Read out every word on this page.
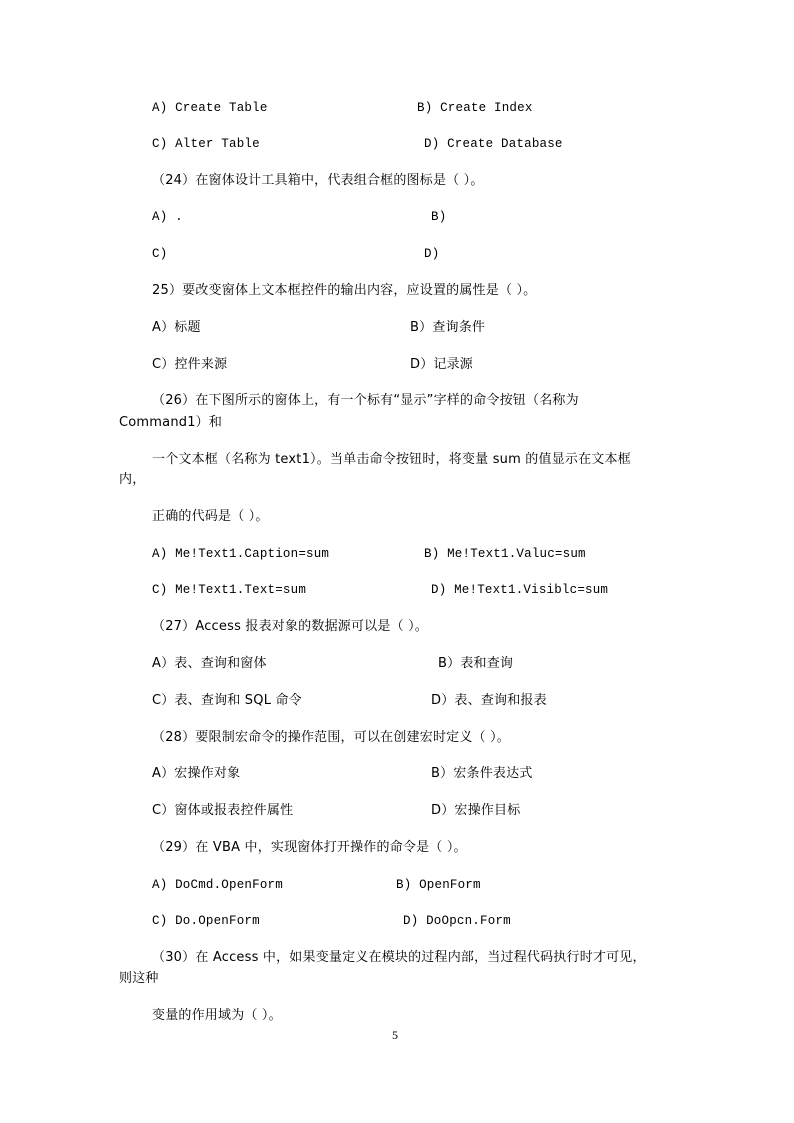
A) Create Table	B) Create Index
C) Alter Table	D) Create Database
（24）在窗体设计工具箱中，代表组合框的图标是（ ）。
A) .	B)
C)	D)
25）要改变窗体上文本框控件的输出内容，应设置的属性是（ ）。
A）标题	B）查询条件
C）控件来源	D）记录源
（26）在下图所示的窗体上，有一个标有“显示”字样的命令按钮（名称为
Command1）和
一个文本框（名称为 text1）。当单击命令按钮时，将变量 sum 的值显示在文本框
内，
正确的代码是（ ）。
A) Me!Text1.Caption=sum	B) Me!Text1.Valuc=sum
C) Me!Text1.Text=sum	D) Me!Text1.Visiblc=sum
（27）Access 报表对象的数据源可以是（ ）。
A）表、查询和窗体	B）表和查询
C）表、查询和 SQL 命令	D）表、查询和报表
（28）要限制宏命令的操作范围，可以在创建宏时定义（ ）。
A）宏操作对象	B）宏条件表达式
C）窗体或报表控件属性	D）宏操作目标
（29）在 VBA 中，实现窗体打开操作的命令是（ ）。
A) DoCmd.OpenForm	B) OpenForm
C) Do.OpenForm	D) DoOpcn.Form
（30）在 Access 中，如果变量定义在模块的过程内部，当过程代码执行时才可见，
则这种
变量的作用域为（ ）。
5
